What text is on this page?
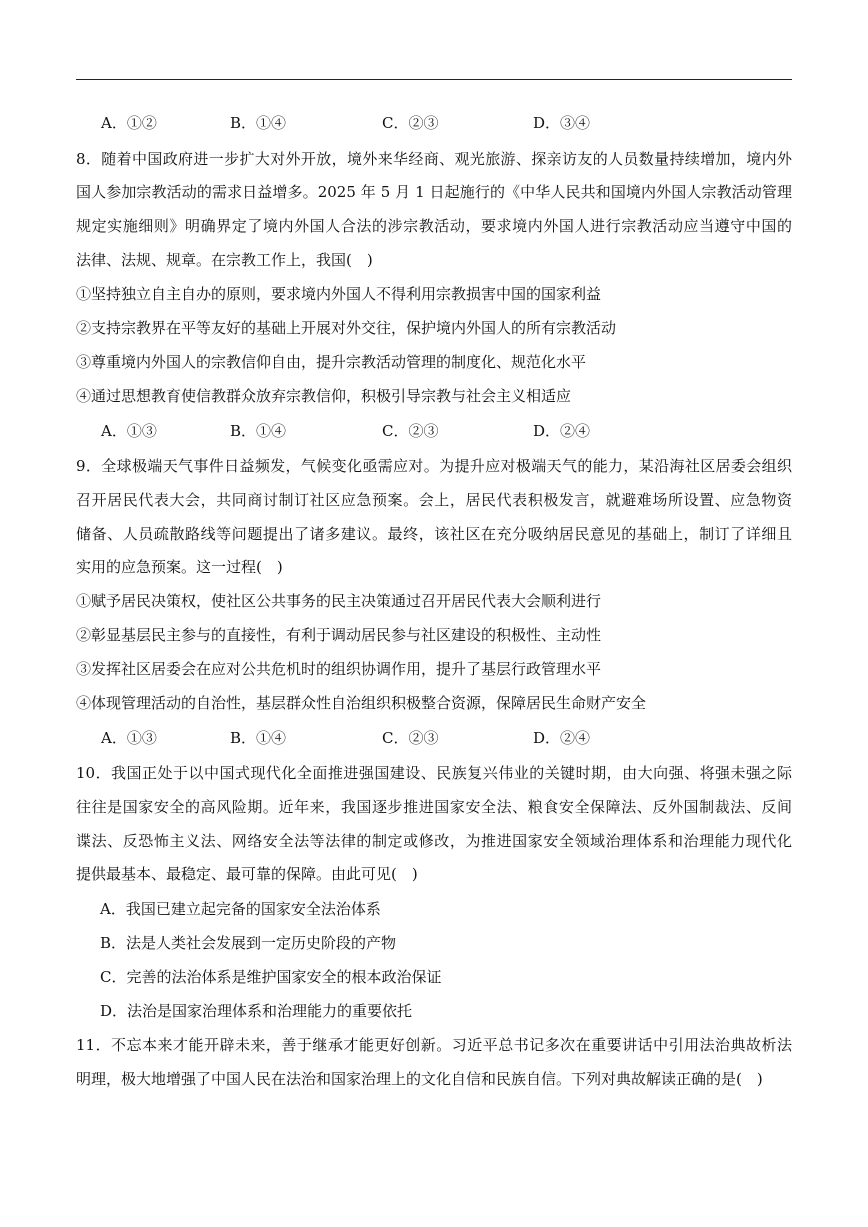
A．①②	B．①④	C．②③	D．③④
8．随着中国政府进一步扩大对外开放，境外来华经商、观光旅游、探亲访友的人员数量持续增加，境内外
国人参加宗教活动的需求日益增多。2025 年 5 月 1 日起施行的《中华人民共和国境内外国人宗教活动管理
规定实施细则》明确界定了境内外国人合法的涉宗教活动，要求境内外国人进行宗教活动应当遵守中国的
法律、法规、规章。在宗教工作上，我国(　)
①坚持独立自主自办的原则，要求境内外国人不得利用宗教损害中国的国家利益
②支持宗教界在平等友好的基础上开展对外交往，保护境内外国人的所有宗教活动
③尊重境内外国人的宗教信仰自由，提升宗教活动管理的制度化、规范化水平
④通过思想教育使信教群众放弃宗教信仰，积极引导宗教与社会主义相适应
A．①③	B．①④	C．②③	D．②④
9．全球极端天气事件日益频发，气候变化亟需应对。为提升应对极端天气的能力，某沿海社区居委会组织
召开居民代表大会，共同商讨制订社区应急预案。会上，居民代表积极发言，就避难场所设置、应急物资
储备、人员疏散路线等问题提出了诸多建议。最终，该社区在充分吸纳居民意见的基础上，制订了详细且
实用的应急预案。这一过程(　)
①赋予居民决策权，使社区公共事务的民主决策通过召开居民代表大会顺利进行
②彰显基层民主参与的直接性，有利于调动居民参与社区建设的积极性、主动性
③发挥社区居委会在应对公共危机时的组织协调作用，提升了基层行政管理水平
④体现管理活动的自治性，基层群众性自治组织积极整合资源，保障居民生命财产安全
A．①③	B．①④	C．②③	D．②④
10．我国正处于以中国式现代化全面推进强国建设、民族复兴伟业的关键时期，由大向强、将强未强之际
往往是国家安全的高风险期。近年来，我国逐步推进国家安全法、粮食安全保障法、反外国制裁法、反间
谍法、反恐怖主义法、网络安全法等法律的制定或修改，为推进国家安全领域治理体系和治理能力现代化
提供最基本、最稳定、最可靠的保障。由此可见(　)
A．我国已建立起完备的国家安全法治体系
B．法是人类社会发展到一定历史阶段的产物
C．完善的法治体系是维护国家安全的根本政治保证
D．法治是国家治理体系和治理能力的重要依托
11．不忘本来才能开辟未来，善于继承才能更好创新。习近平总书记多次在重要讲话中引用法治典故析法
明理，极大地增强了中国人民在法治和国家治理上的文化自信和民族自信。下列对典故解读正确的是(　)
